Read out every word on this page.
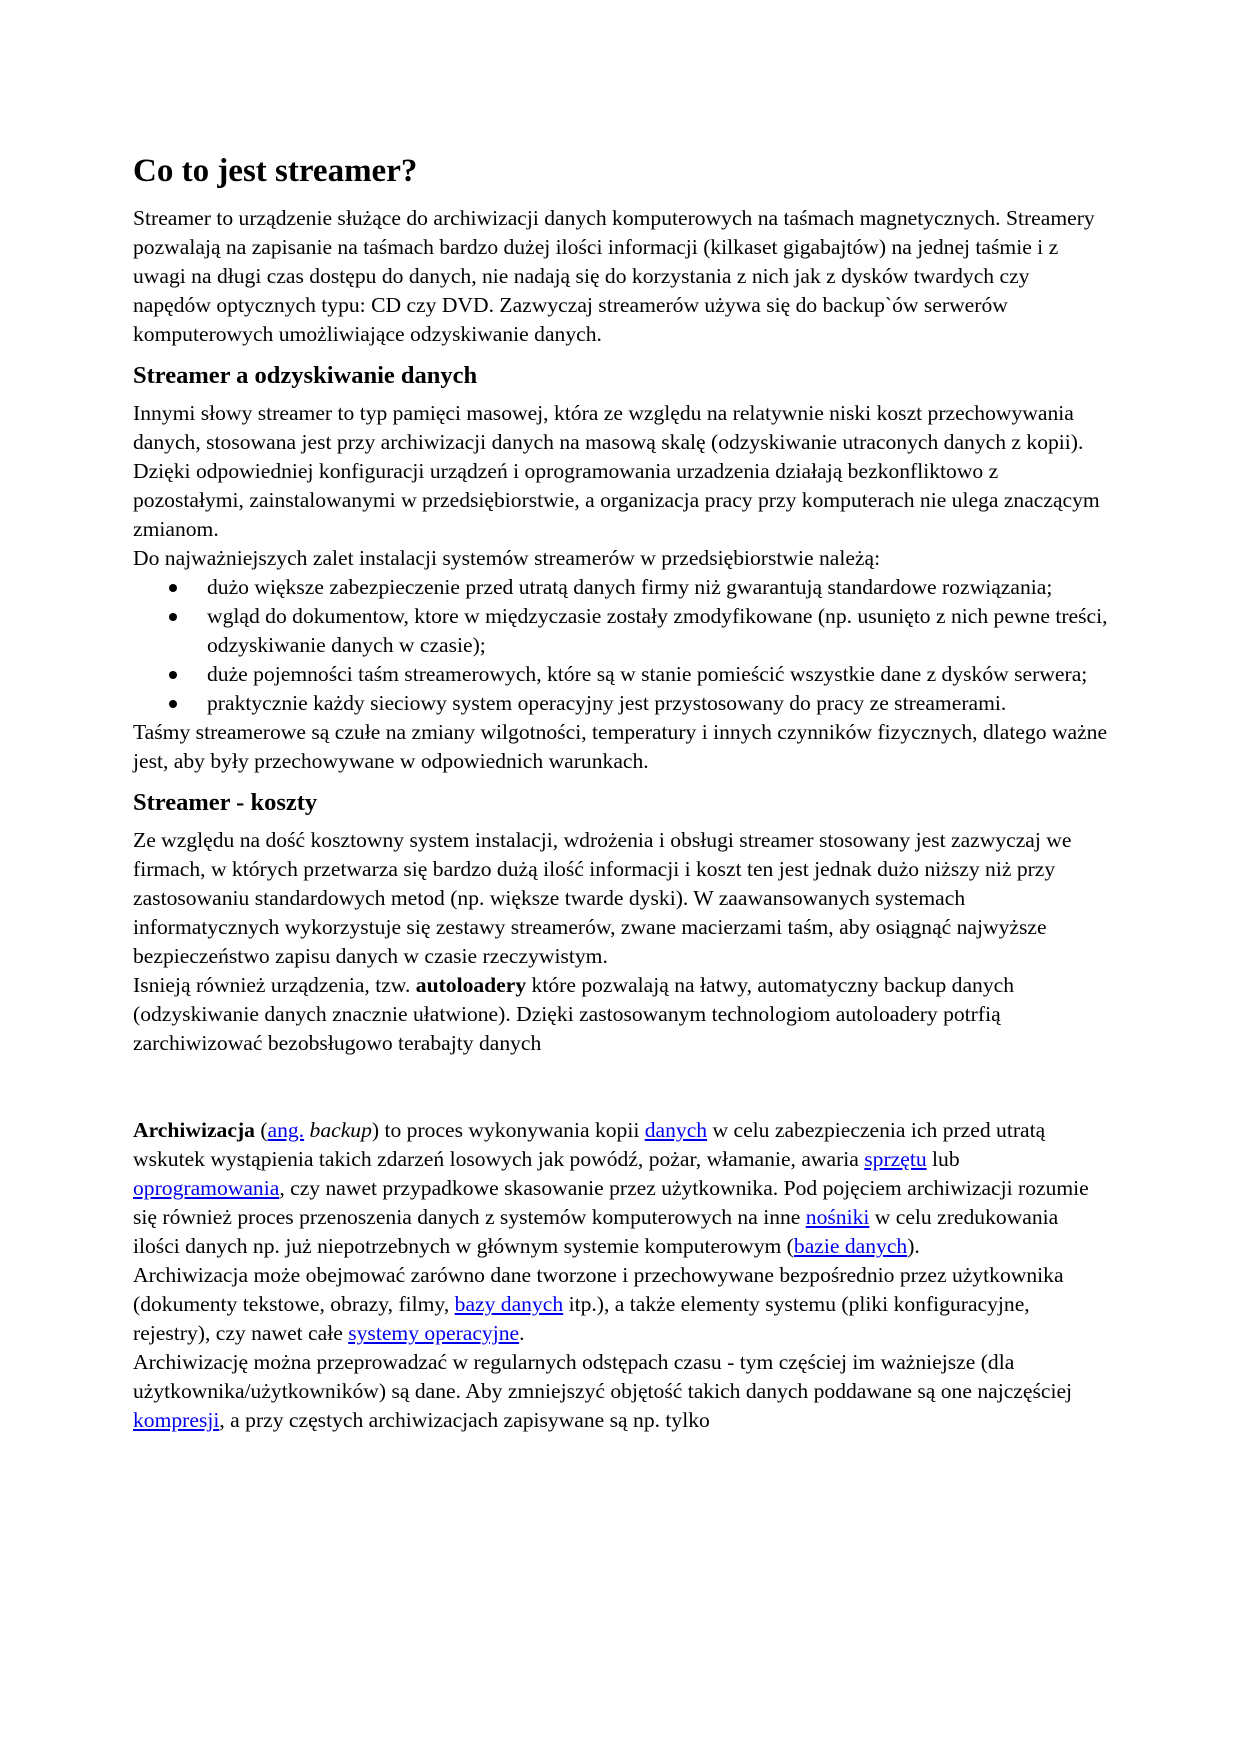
Co to jest streamer?

Streamer to urządzenie służące do archiwizacji danych komputerowych na taśmach magnetycznych. Streamery pozwalają na zapisanie na taśmach bardzo dużej ilości informacji (kilkaset gigabajtów) na jednej taśmie i z uwagi na długi czas dostępu do danych, nie nadają się do korzystania z nich jak z dysków twardych czy napędów optycznych typu: CD czy DVD. Zazwyczaj streamerów używa się do backup`ów serwerów komputerowych umożliwiające odzyskiwanie danych.

Streamer a odzyskiwanie danych

Innymi słowy streamer to typ pamięci masowej, która ze względu na relatywnie niski koszt przechowywania danych, stosowana jest przy archiwizacji danych na masową skalę (odzyskiwanie utraconych danych z kopii). Dzięki odpowiedniej konfiguracji urządzeń i oprogramowania urzadzenia działają bezkonfliktowo z pozostałymi, zainstalowanymi w przedsiębiorstwie, a organizacja pracy przy komputerach nie ulega znaczącym zmianom.

Do najważniejszych zalet instalacji systemów streamerów w przedsiębiorstwie należą:

dużo większe zabezpieczenie przed utratą danych firmy niż gwarantują standardowe rozwiązania;
wgląd do dokumentow, ktore w międzyczasie zostały zmodyfikowane (np. usunięto z nich pewne treści, odzyskiwanie danych w czasie);
duże pojemności taśm streamerowych, które są w stanie pomieścić wszystkie dane z dysków serwera;
praktycznie każdy sieciowy system operacyjny jest przystosowany do pracy ze streamerami.

Taśmy streamerowe są czułe na zmiany wilgotności, temperatury i innych czynników fizycznych, dlatego ważne jest, aby były przechowywane w odpowiednich warunkach.

Streamer - koszty

Ze względu na dość kosztowny system instalacji, wdrożenia i obsługi streamer stosowany jest zazwyczaj we firmach, w których przetwarza się bardzo dużą ilość informacji i koszt ten jest jednak dużo niższy niż przy zastosowaniu standardowych metod (np. większe twarde dyski). W zaawansowanych systemach informatycznych wykorzystuje się zestawy streamerów, zwane macierzami taśm, aby osiągnąć najwyższe bezpieczeństwo zapisu danych w czasie rzeczywistym.

Isnieją również urządzenia, tzw. autoloadery które pozwalają na łatwy, automatyczny backup danych (odzyskiwanie danych znacznie ułatwione). Dzięki zastosowanym technologiom autoloadery potrfią zarchiwizować bezobsługowo terabajty danych

Archiwizacja (ang. backup) to proces wykonywania kopii danych w celu zabezpieczenia ich przed utratą wskutek wystąpienia takich zdarzeń losowych jak powódź, pożar, włamanie, awaria sprzętu lub oprogramowania, czy nawet przypadkowe skasowanie przez użytkownika. Pod pojęciem archiwizacji rozumie się również proces przenoszenia danych z systemów komputerowych na inne nośniki w celu zredukowania ilości danych np. już niepotrzebnych w głównym systemie komputerowym (bazie danych).

Archiwizacja może obejmować zarówno dane tworzone i przechowywane bezpośrednio przez użytkownika (dokumenty tekstowe, obrazy, filmy, bazy danych itp.), a także elementy systemu (pliki konfiguracyjne, rejestry), czy nawet całe systemy operacyjne.

Archiwizację można przeprowadzać w regularnych odstępach czasu - tym częściej im ważniejsze (dla użytkownika/użytkowników) są dane. Aby zmniejszyć objętość takich danych poddawane są one najczęściej kompresji, a przy częstych archiwizacjach zapisywane są np. tylko
